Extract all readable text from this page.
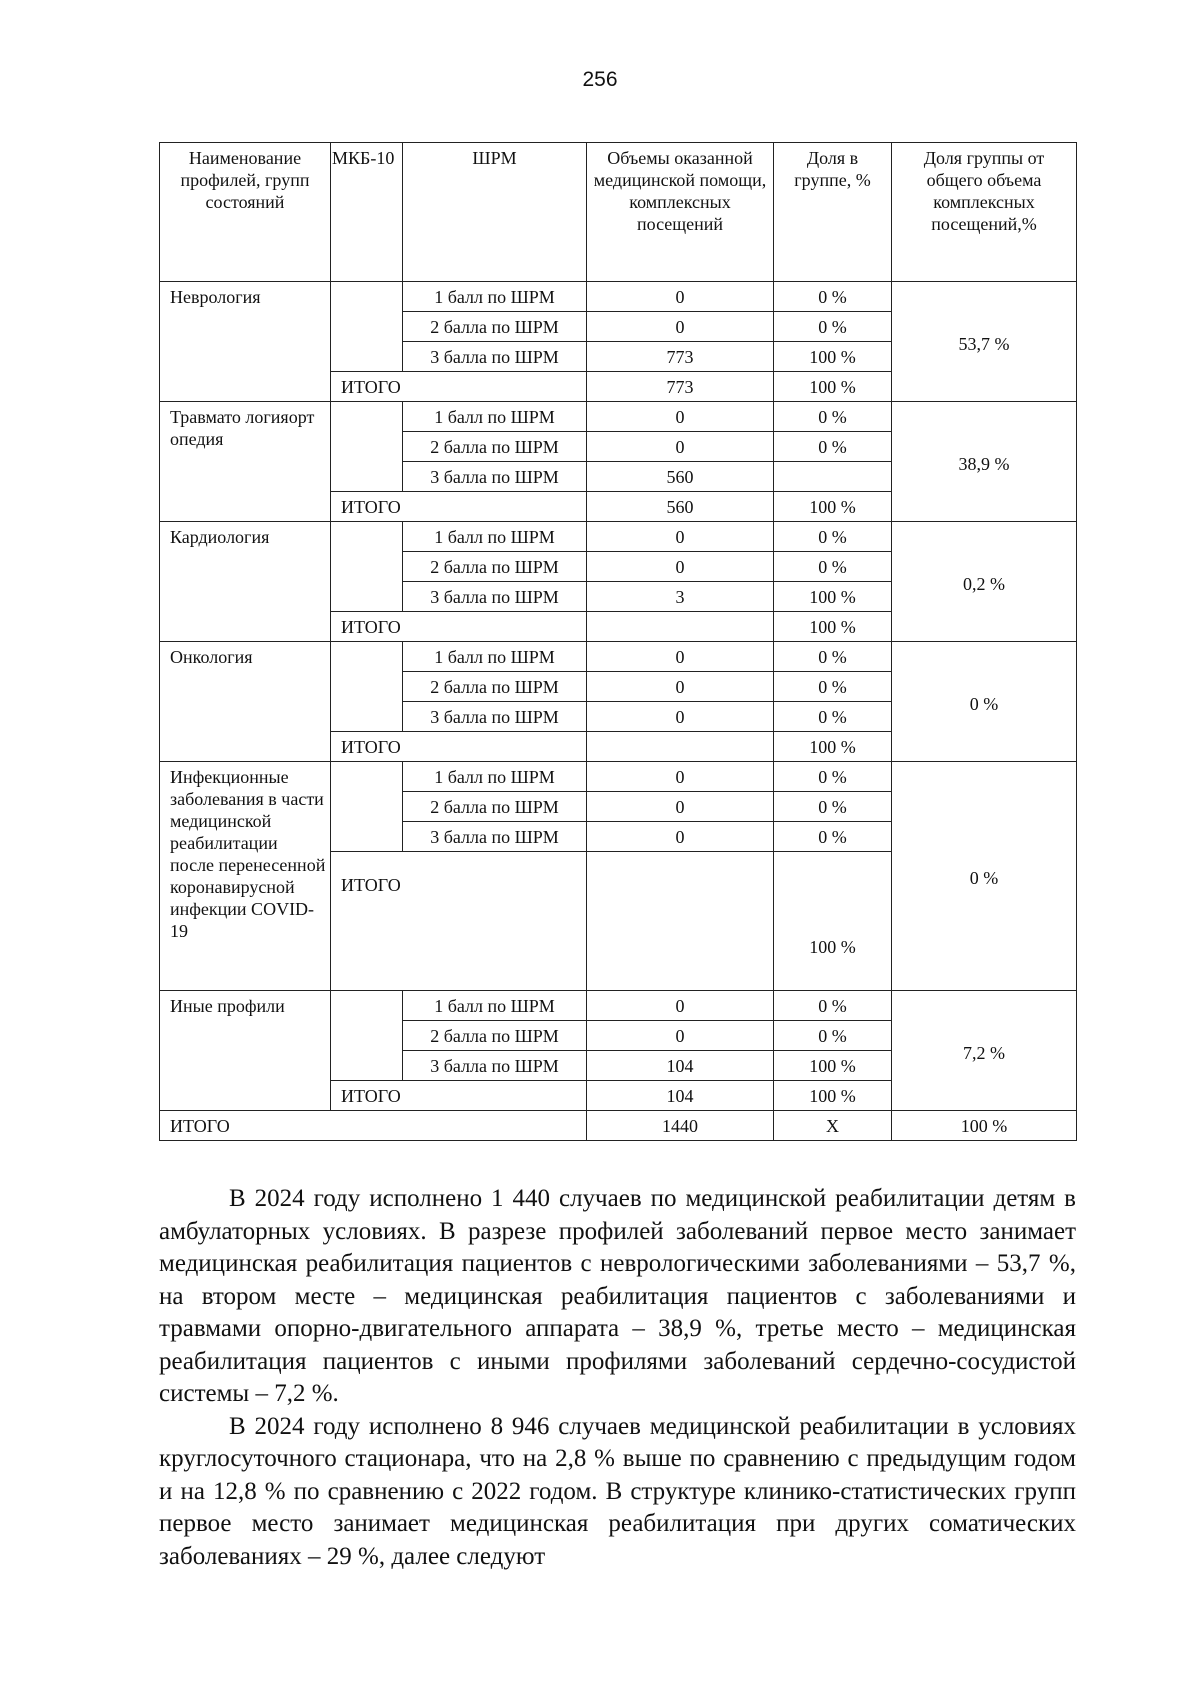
256
Наименование профилей, групп состояний	МКБ-10	ШРМ	Объемы оказанной медицинской помощи, комплексных посещений	Доля в группе, %	Доля группы от общего объема комплексных посещений,%
Неврология		1 балл по ШРМ	0	0 %	53,7 %
		2 балла по ШРМ	0	0 %	
		3 балла по ШРМ	773	100 %	
	ИТОГО		773	100 %	
Травмато логияорт опедия		1 балл по ШРМ	0	0 %	38,9 %
		2 балла по ШРМ	0	0 %	
		3 балла по ШРМ	560		
	ИТОГО		560	100 %	
Кардиология		1 балл по ШРМ	0	0 %	0,2 %
		2 балла по ШРМ	0	0 %	
		3 балла по ШРМ	3	100 %	
	ИТОГО			100 %	
Онкология		1 балл по ШРМ	0	0 %	0 %
		2 балла по ШРМ	0	0 %	
		3 балла по ШРМ	0	0 %	
	ИТОГО			100 %	
Инфекционные заболевания в части медицинской реабилитации после перенесенной коронавирусной инфекции COVID-19		1 балл по ШРМ	0	0 %	0 %
		2 балла по ШРМ	0	0 %	
		3 балла по ШРМ	0	0 %	
	ИТОГО			100 %	
Иные профили		1 балл по ШРМ	0	0 %	7,2 %
		2 балла по ШРМ	0	0 %	
		3 балла по ШРМ	104	100 %	
	ИТОГО		104	100 %	
ИТОГО			1440	Х	100 %

В 2024 году исполнено 1 440 случаев по медицинской реабилитации детям в амбулаторных условиях. В разрезе профилей заболеваний первое место занимает медицинская реабилитация пациентов с неврологическими заболеваниями – 53,7 %, на втором месте – медицинская реабилитация пациентов с заболеваниями и травмами опорно-двигательного аппарата – 38,9 %, третье место – медицинская реабилитация пациентов с иными профилями заболеваний сердечно-сосудистой системы – 7,2 %.

В 2024 году исполнено 8 946 случаев медицинской реабилитации в условиях круглосуточного стационара, что на 2,8 % выше по сравнению с предыдущим годом и на 12,8 % по сравнению с 2022 годом. В структуре клинико-статистических групп первое место занимает медицинская реабилитация при других соматических заболеваниях – 29 %, далее следуют
